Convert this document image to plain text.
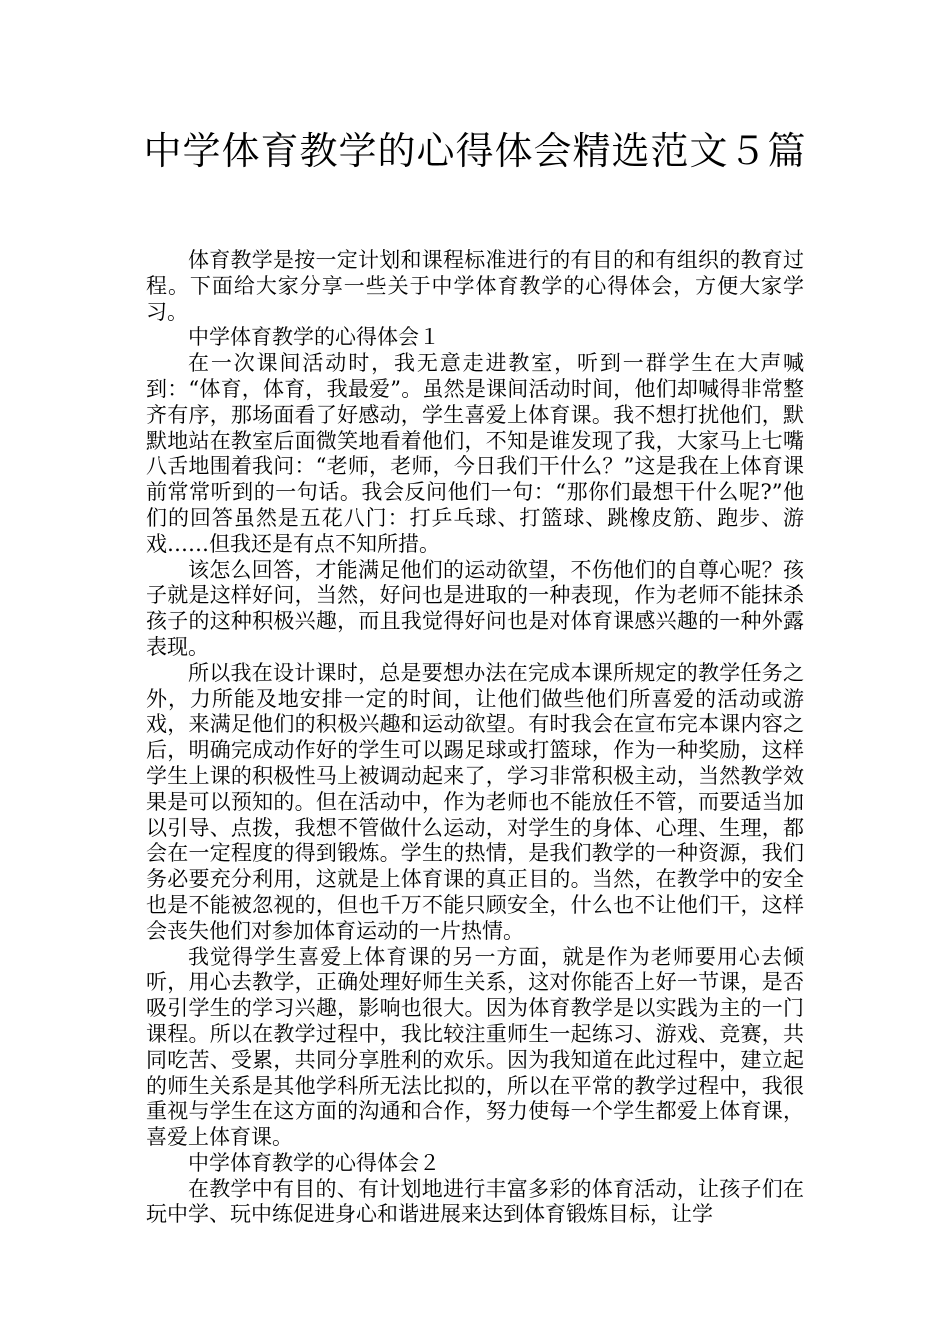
中学体育教学的心得体会精选范文５篇

体育教学是按一定计划和课程标准进行的有目的和有组织的教育过程。下面给大家分享一些关于中学体育教学的心得体会，方便大家学习。

中学体育教学的心得体会１

在一次课间活动时，我无意走进教室，听到一群学生在大声喊到：“体育，体育，我最爱”。虽然是课间活动时间，他们却喊得非常整齐有序，那场面看了好感动，学生喜爱上体育课。我不想打扰他们，默默地站在教室后面微笑地看着他们，不知是谁发现了我，大家马上七嘴八舌地围着我问：“老师，老师，今日我们干什么？”这是我在上体育课前常常听到的一句话。我会反问他们一句：“那你们最想干什么呢?”他们的回答虽然是五花八门：打乒乓球、打篮球、跳橡皮筋、跑步、游戏……但我还是有点不知所措。

该怎么回答，才能满足他们的运动欲望，不伤他们的自尊心呢？孩子就是这样好问，当然，好问也是进取的一种表现，作为老师不能抹杀孩子的这种积极兴趣，而且我觉得好问也是对体育课感兴趣的一种外露表现。

所以我在设计课时，总是要想办法在完成本课所规定的教学任务之外，力所能及地安排一定的时间，让他们做些他们所喜爱的活动或游戏，来满足他们的积极兴趣和运动欲望。有时我会在宣布完本课内容之后，明确完成动作好的学生可以踢足球或打篮球，作为一种奖励，这样学生上课的积极性马上被调动起来了，学习非常积极主动，当然教学效果是可以预知的。但在活动中，作为老师也不能放任不管，而要适当加以引导、点拨，我想不管做什么运动，对学生的身体、心理、生理，都会在一定程度的得到锻炼。学生的热情，是我们教学的一种资源，我们务必要充分利用，这就是上体育课的真正目的。当然，在教学中的安全也是不能被忽视的，但也千万不能只顾安全，什么也不让他们干，这样会丧失他们对参加体育运动的一片热情。

我觉得学生喜爱上体育课的另一方面，就是作为老师要用心去倾听，用心去教学，正确处理好师生关系，这对你能否上好一节课，是否吸引学生的学习兴趣，影响也很大。因为体育教学是以实践为主的一门课程。所以在教学过程中，我比较注重师生一起练习、游戏、竞赛，共同吃苦、受累，共同分享胜利的欢乐。因为我知道在此过程中，建立起的师生关系是其他学科所无法比拟的，所以在平常的教学过程中，我很重视与学生在这方面的沟通和合作，努力使每一个学生都爱上体育课，喜爱上体育课。

中学体育教学的心得体会２

在教学中有目的、有计划地进行丰富多彩的体育活动，让孩子们在玩中学、玩中练促进身心和谐进展来达到体育锻炼目标，让学
